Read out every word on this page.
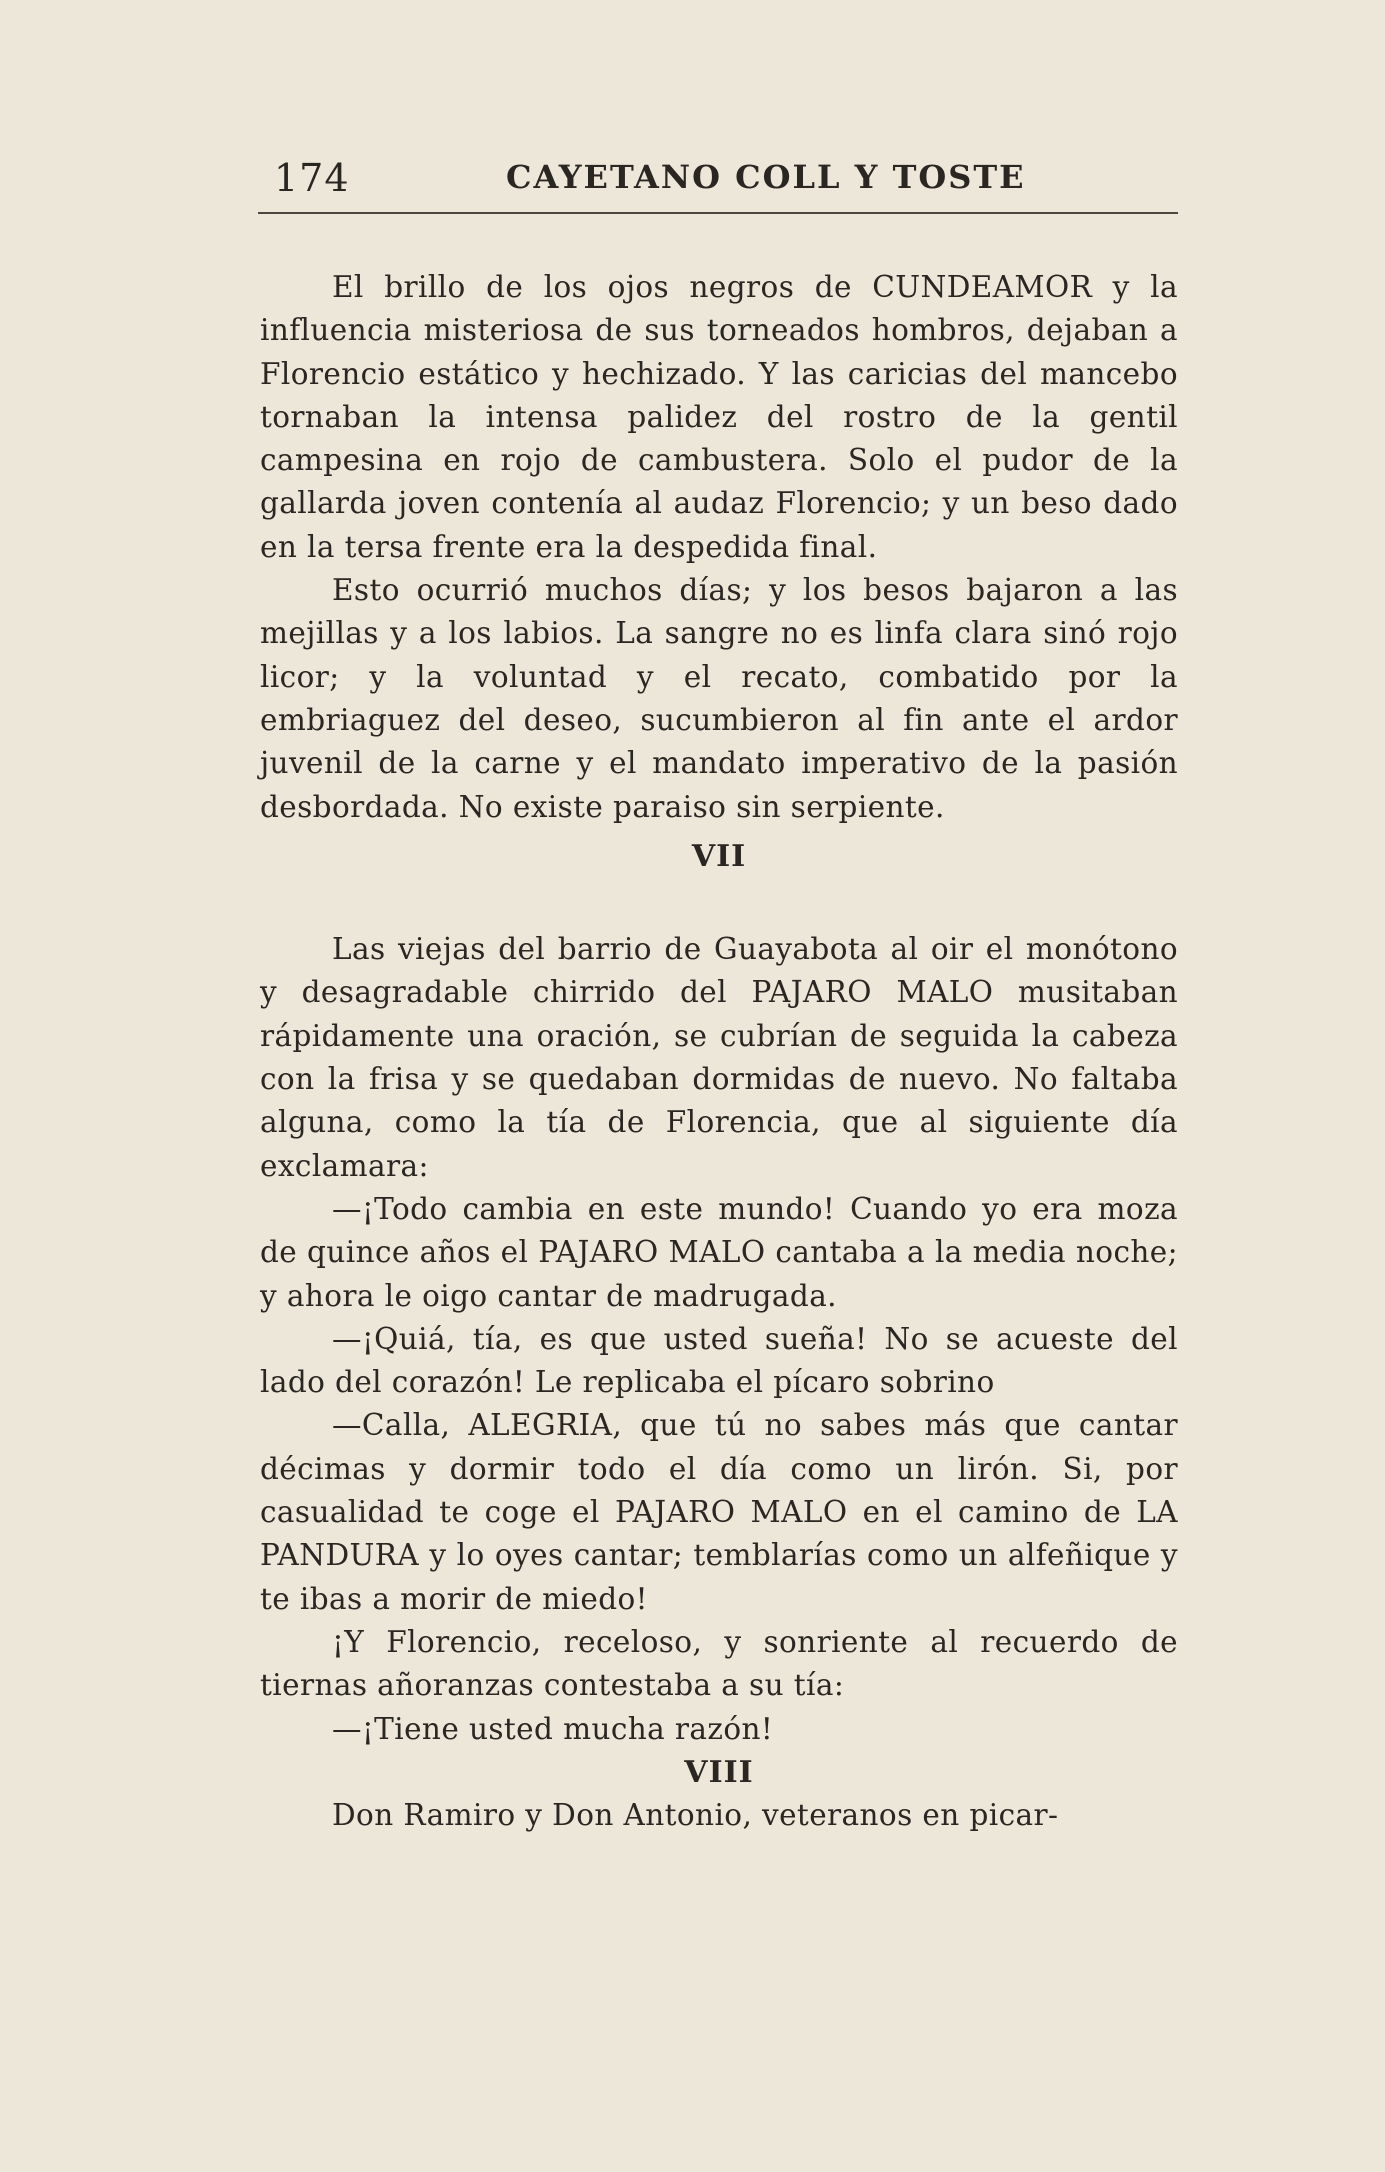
174	CAYETANO COLL Y TOSTE

El brillo de los ojos negros de CUNDEAMOR y la influencia misteriosa de sus torneados hombros, dejaban a Florencio estático y hechizado. Y las caricias del mancebo tornaban la intensa palidez del rostro de la gentil campesina en rojo de cambustera. Solo el pudor de la gallarda joven contenía al audaz Florencio; y un beso dado en la tersa frente era la despedida final.

Esto ocurrió muchos días; y los besos bajaron a las mejillas y a los labios. La sangre no es linfa clara sinó rojo licor; y la voluntad y el recato, combatido por la embriaguez del deseo, sucumbieron al fin ante el ardor juvenil de la carne y el mandato imperativo de la pasión desbordada. No existe paraiso sin serpiente.

VII

Las viejas del barrio de Guayabota al oir el monótono y desagradable chirrido del PAJARO MALO musitaban rápidamente una oración, se cubrían de seguida la cabeza con la frisa y se quedaban dormidas de nuevo. No faltaba alguna, como la tía de Florencia, que al siguiente día exclamara:

—¡Todo cambia en este mundo! Cuando yo era moza de quince años el PAJARO MALO cantaba a la media noche; y ahora le oigo cantar de madrugada.

—¡Quiá, tía, es que usted sueña! No se acueste del lado del corazón! Le replicaba el pícaro sobrino

—Calla, ALEGRIA, que tú no sabes más que cantar décimas y dormir todo el día como un lirón. Si, por casualidad te coge el PAJARO MALO en el camino de LA PANDURA y lo oyes cantar; temblarías como un alfeñique y te ibas a morir de miedo!

¡Y Florencio, receloso, y sonriente al recuerdo de tiernas añoranzas contestaba a su tía:

—¡Tiene usted mucha razón!

VIII

Don Ramiro y Don Antonio, veteranos en picar-
